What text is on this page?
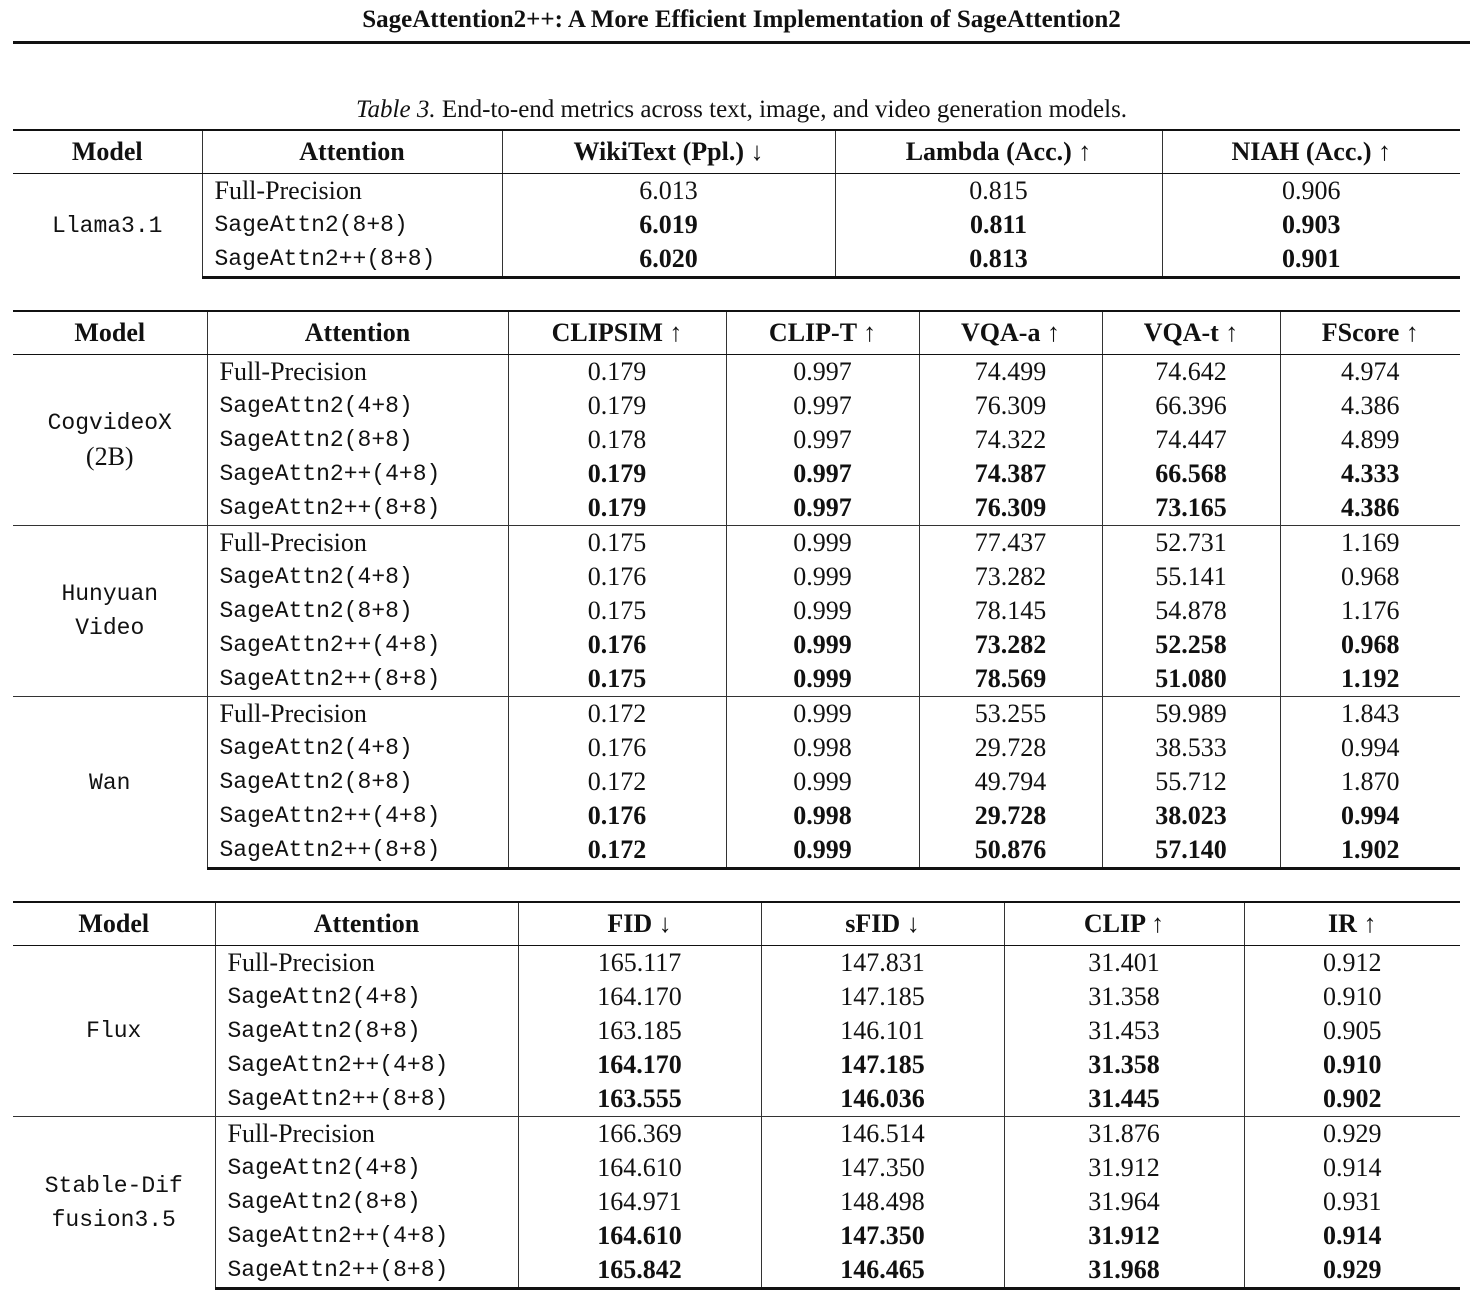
SageAttention2++: A More Efficient Implementation of SageAttention2
Table 3. End-to-end metrics across text, image, and video generation models.
Model	Attention	WikiText (Ppl.) ↓	Lambda (Acc.) ↑	NIAH (Acc.) ↑

Llama3.1	Full-Precision	6.013	0.815	0.906
	SageAttn2(8+8)	6.019	0.811	0.903
	SageAttn2++(8+8)	6.020	0.813	0.901
Model	Attention	CLIPSIM ↑	CLIP-T ↑	VQA-a ↑	VQA-t ↑	FScore ↑

CogvideoX
(2B)	Full-Precision	0.179	0.997	74.499	74.642	4.974
	SageAttn2(4+8)	0.179	0.997	76.309	66.396	4.386
	SageAttn2(8+8)	0.178	0.997	74.322	74.447	4.899
	SageAttn2++(4+8)	0.179	0.997	74.387	66.568	4.333
	SageAttn2++(8+8)	0.179	0.997	76.309	73.165	4.386

Hunyuan
Video	Full-Precision	0.175	0.999	77.437	52.731	1.169
	SageAttn2(4+8)	0.176	0.999	73.282	55.141	0.968
	SageAttn2(8+8)	0.175	0.999	78.145	54.878	1.176
	SageAttn2++(4+8)	0.176	0.999	73.282	52.258	0.968
	SageAttn2++(8+8)	0.175	0.999	78.569	51.080	1.192

Wan	Full-Precision	0.172	0.999	53.255	59.989	1.843
	SageAttn2(4+8)	0.176	0.998	29.728	38.533	0.994
	SageAttn2(8+8)	0.172	0.999	49.794	55.712	1.870
	SageAttn2++(4+8)	0.176	0.998	29.728	38.023	0.994
	SageAttn2++(8+8)	0.172	0.999	50.876	57.140	1.902
Model	Attention	FID ↓	sFID ↓	CLIP ↑	IR ↑

Flux	Full-Precision	165.117	147.831	31.401	0.912
	SageAttn2(4+8)	164.170	147.185	31.358	0.910
	SageAttn2(8+8)	163.185	146.101	31.453	0.905
	SageAttn2++(4+8)	164.170	147.185	31.358	0.910
	SageAttn2++(8+8)	163.555	146.036	31.445	0.902

Stable-Dif
fusion3.5	Full-Precision	166.369	146.514	31.876	0.929
	SageAttn2(4+8)	164.610	147.350	31.912	0.914
	SageAttn2(8+8)	164.971	148.498	31.964	0.931
	SageAttn2++(4+8)	164.610	147.350	31.912	0.914
	SageAttn2++(8+8)	165.842	146.465	31.968	0.929
